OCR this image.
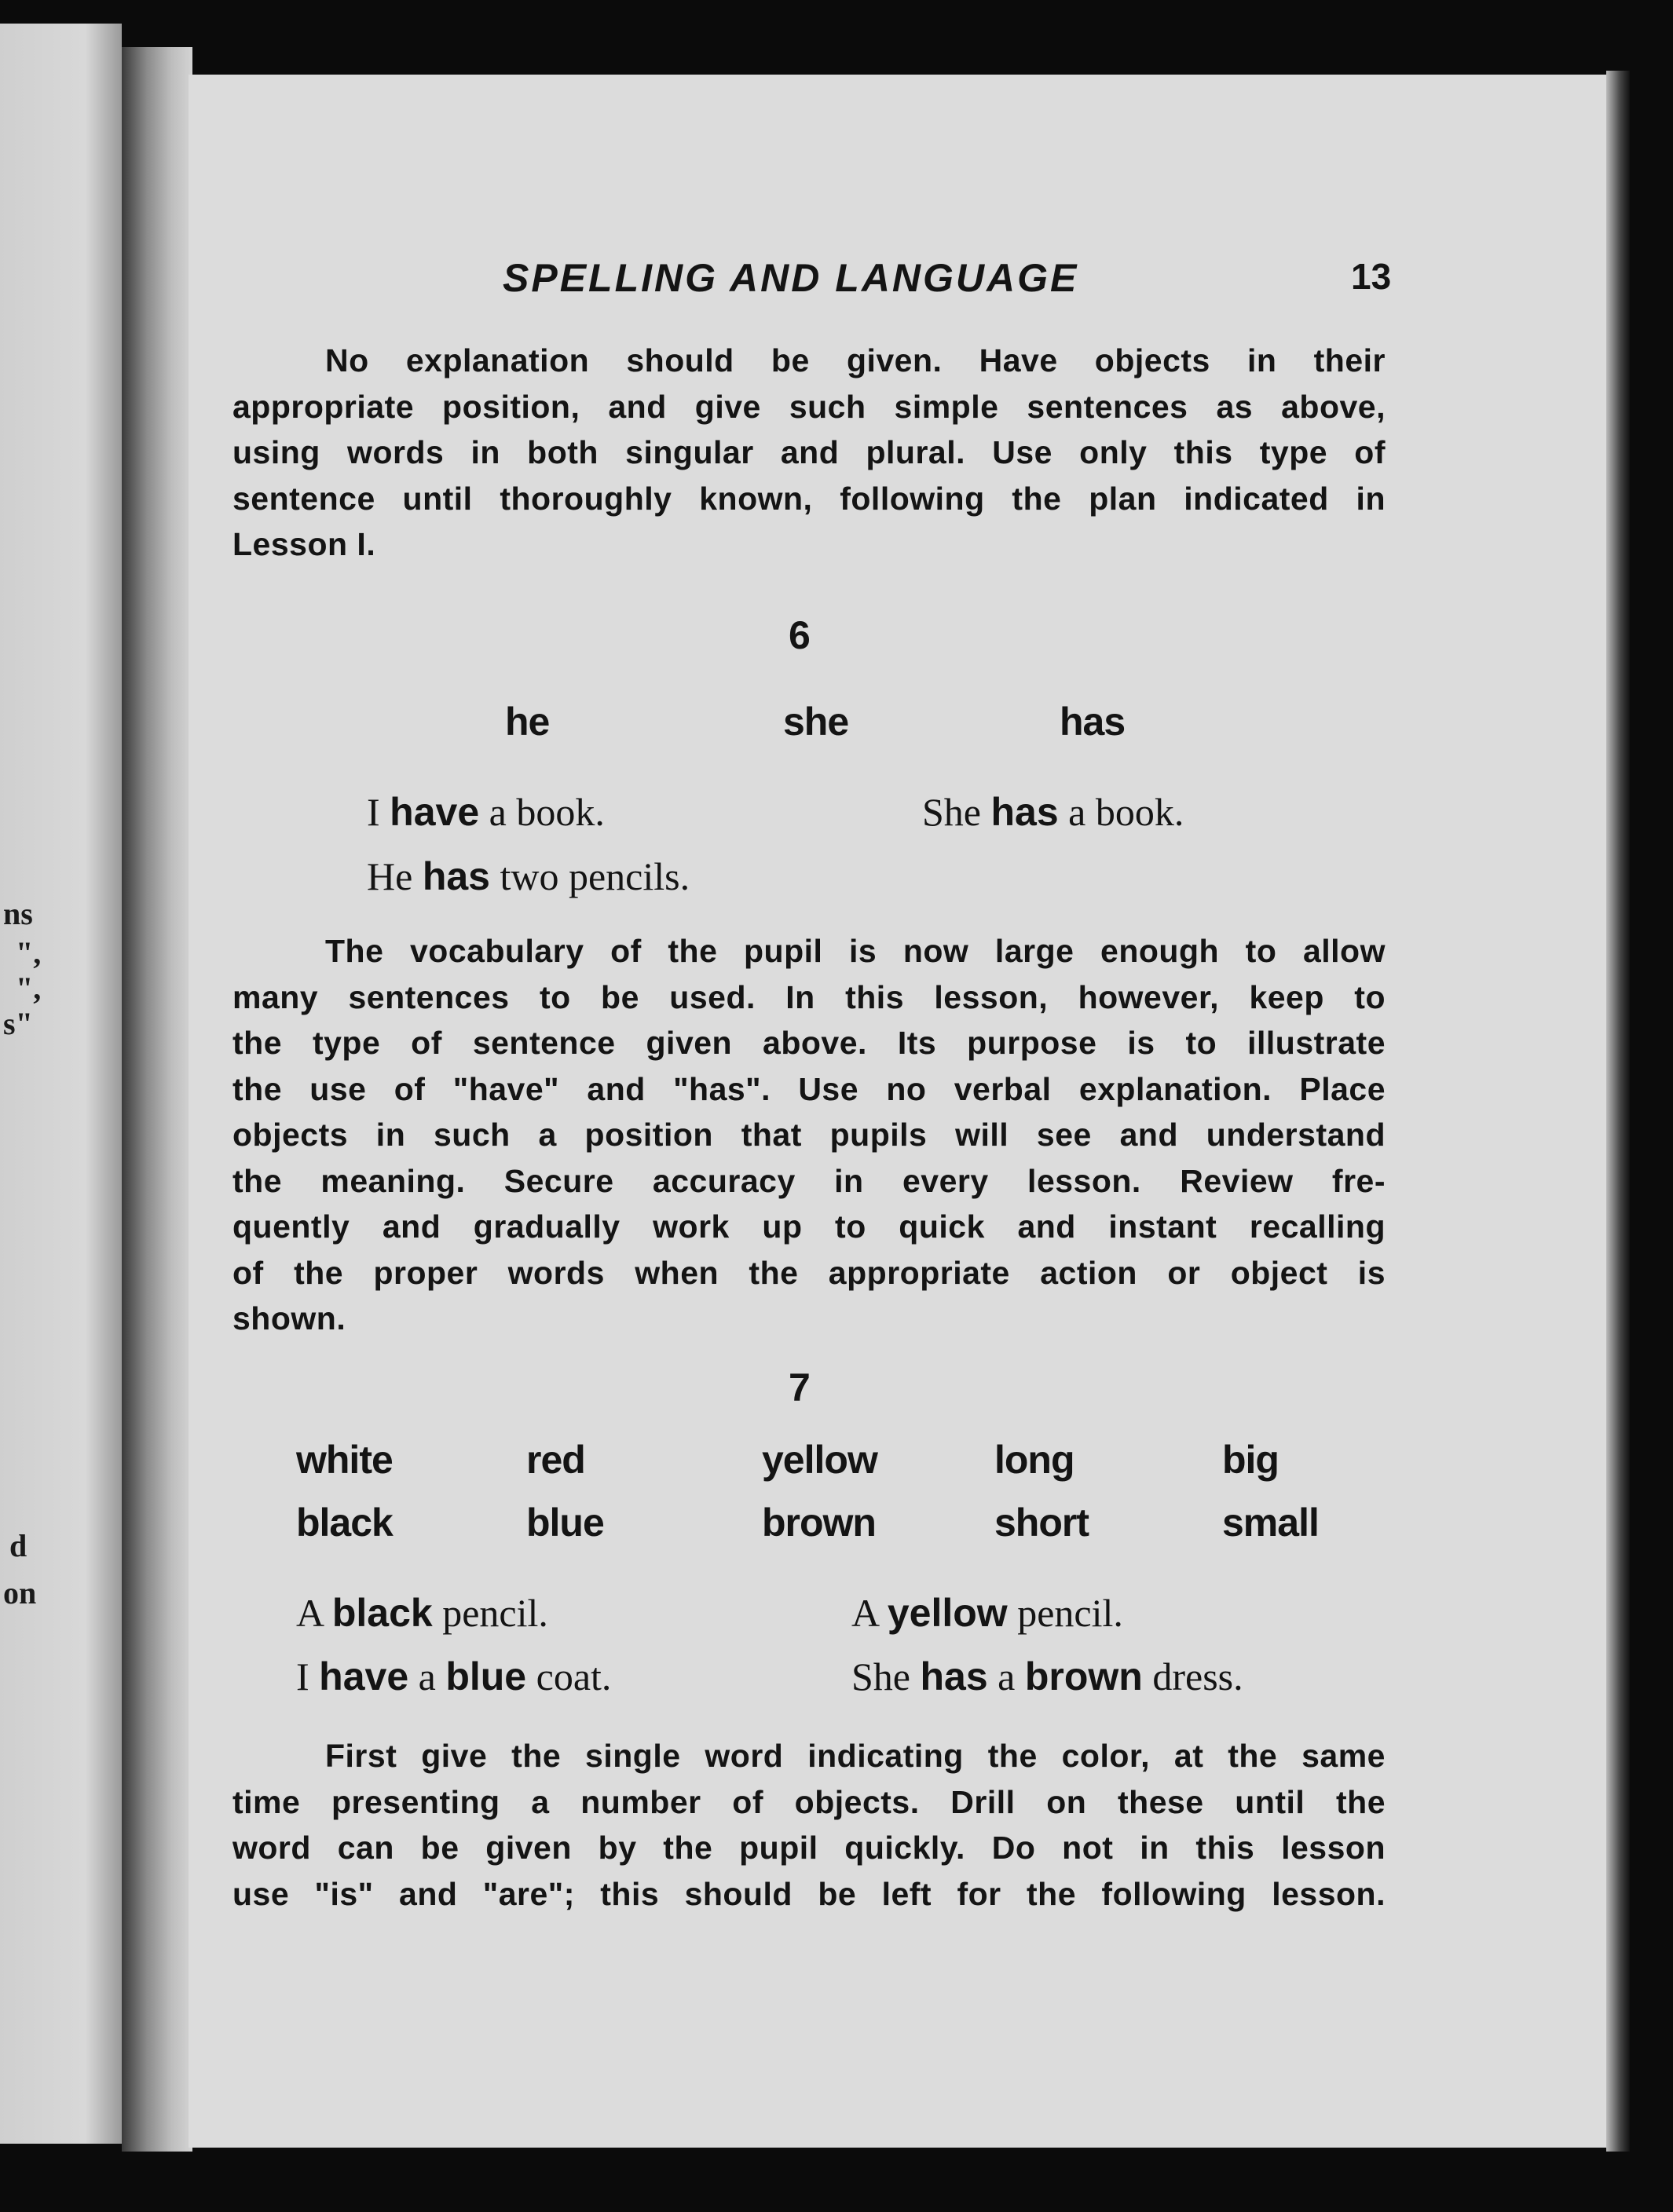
ns
",
",
s"
d
on
SPELLING AND LANGUAGE	13
No explanation should be given. Have objects in their
appropriate position, and give such simple sentences as above,
using words in both singular and plural. Use only this type of
sentence until thoroughly known, following the plan indicated in
Lesson I.
6
he	she	has
I have a book.	She has a book.
He has two pencils.
The vocabulary of the pupil is now large enough to allow
many sentences to be used. In this lesson, however, keep to
the type of sentence given above. Its purpose is to illustrate
the use of "have" and "has". Use no verbal explanation. Place
objects in such a position that pupils will see and understand
the meaning. Secure accuracy in every lesson. Review fre-
quently and gradually work up to quick and instant recalling
of the proper words when the appropriate action or object is
shown.
7
white	red	yellow	long	big
black	blue	brown	short	small
A black pencil.	A yellow pencil.
I have a blue coat.	She has a brown dress.
First give the single word indicating the color, at the same
time presenting a number of objects. Drill on these until the
word can be given by the pupil quickly. Do not in this lesson
use "is" and "are"; this should be left for the following lesson.
